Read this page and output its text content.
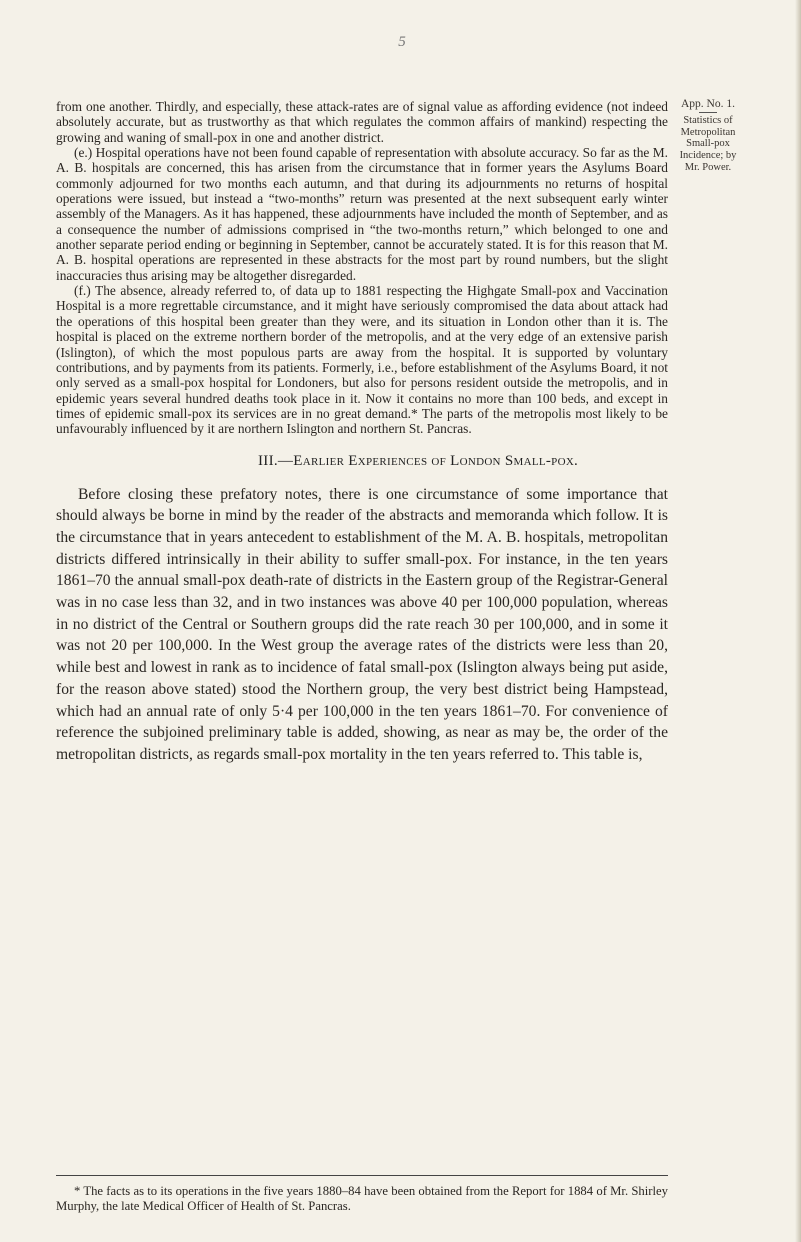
5
App. No. 1.
Statistics of Metropolitan Small-pox Incidence; by Mr. Power.

from one another. Thirdly, and especially, these attack-rates are of signal value as affording evidence (not indeed absolutely accurate, but as trustworthy as that which regulates the common affairs of mankind) respecting the growing and waning of small-pox in one and another district.

(e.) Hospital operations have not been found capable of representation with absolute accuracy. So far as the M. A. B. hospitals are concerned, this has arisen from the circumstance that in former years the Asylums Board commonly adjourned for two months each autumn, and that during its adjournments no returns of hospital operations were issued, but instead a “two-months” return was presented at the next subsequent early winter assembly of the Managers. As it has happened, these adjournments have included the month of September, and as a consequence the number of admissions comprised in “the two-months return,” which belonged to one and another separate period ending or beginning in September, cannot be accurately stated. It is for this reason that M. A. B. hospital operations are represented in these abstracts for the most part by round numbers, but the slight inaccuracies thus arising may be altogether disregarded.

(f.) The absence, already referred to, of data up to 1881 respecting the Highgate Small-pox and Vaccination Hospital is a more regrettable circumstance, and it might have seriously compromised the data about attack had the operations of this hospital been greater than they were, and its situation in London other than it is. The hospital is placed on the extreme northern border of the metropolis, and at the very edge of an extensive parish (Islington), of which the most populous parts are away from the hospital. It is supported by voluntary contributions, and by payments from its patients. Formerly, i.e., before establishment of the Asylums Board, it not only served as a small-pox hospital for Londoners, but also for persons resident outside the metropolis, and in epidemic years several hundred deaths took place in it. Now it contains no more than 100 beds, and except in times of epidemic small-pox its services are in no great demand.* The parts of the metropolis most likely to be unfavourably influenced by it are northern Islington and northern St. Pancras.

III.—Earlier Experiences of London Small-pox.

Before closing these prefatory notes, there is one circumstance of some importance that should always be borne in mind by the reader of the abstracts and memoranda which follow. It is the circumstance that in years antecedent to establishment of the M. A. B. hospitals, metropolitan districts differed intrinsically in their ability to suffer small-pox. For instance, in the ten years 1861–70 the annual small-pox death-rate of districts in the Eastern group of the Registrar-General was in no case less than 32, and in two instances was above 40 per 100,000 population, whereas in no district of the Central or Southern groups did the rate reach 30 per 100,000, and in some it was not 20 per 100,000. In the West group the average rates of the districts were less than 20, while best and lowest in rank as to incidence of fatal small-pox (Islington always being put aside, for the reason above stated) stood the Northern group, the very best district being Hampstead, which had an annual rate of only 5·4 per 100,000 in the ten years 1861–70. For convenience of reference the subjoined preliminary table is added, showing, as near as may be, the order of the metropolitan districts, as regards small-pox mortality in the ten years referred to. This table is,

* The facts as to its operations in the five years 1880–84 have been obtained from the Report for 1884 of Mr. Shirley Murphy, the late Medical Officer of Health of St. Pancras.
